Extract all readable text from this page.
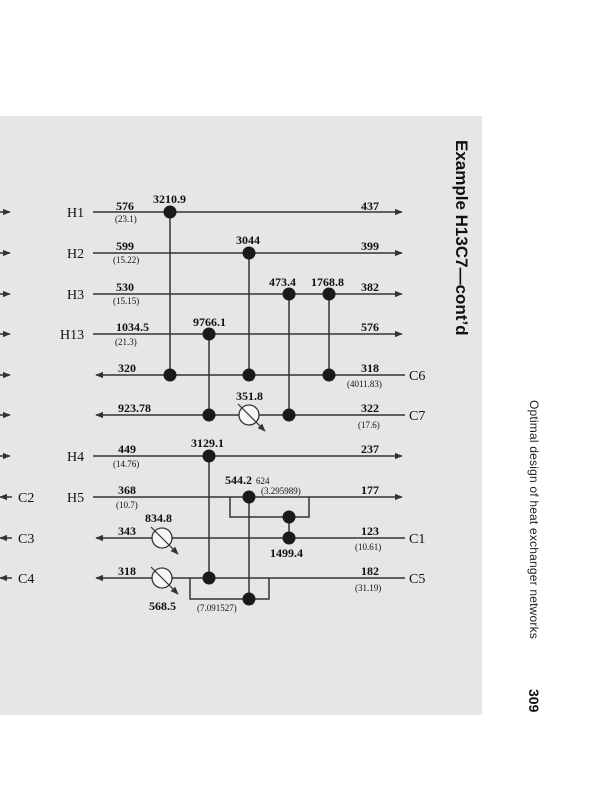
H1
H2
H3
H13
H4
H5
C6
C7
C1
C5
C2
C3
C4
576
599
530
1034.5
449
368
437
399
382
576
237
177
318
322
123
182
320
923.78
343
318
(23.1)
(15.22)
(15.15)
(21.3)
(14.76)
(10.7)
(4011.83)
(17.6)
(10.61)
(31.19)
3210.9
3044
473.4 1768.8
9766.1
3129.1
544.2
1499.4
351.8
834.8
568.5
624
(3.295989)
(7.091527)
Example H13C7—cont’d
Optimal design of heat exchanger networks
309
